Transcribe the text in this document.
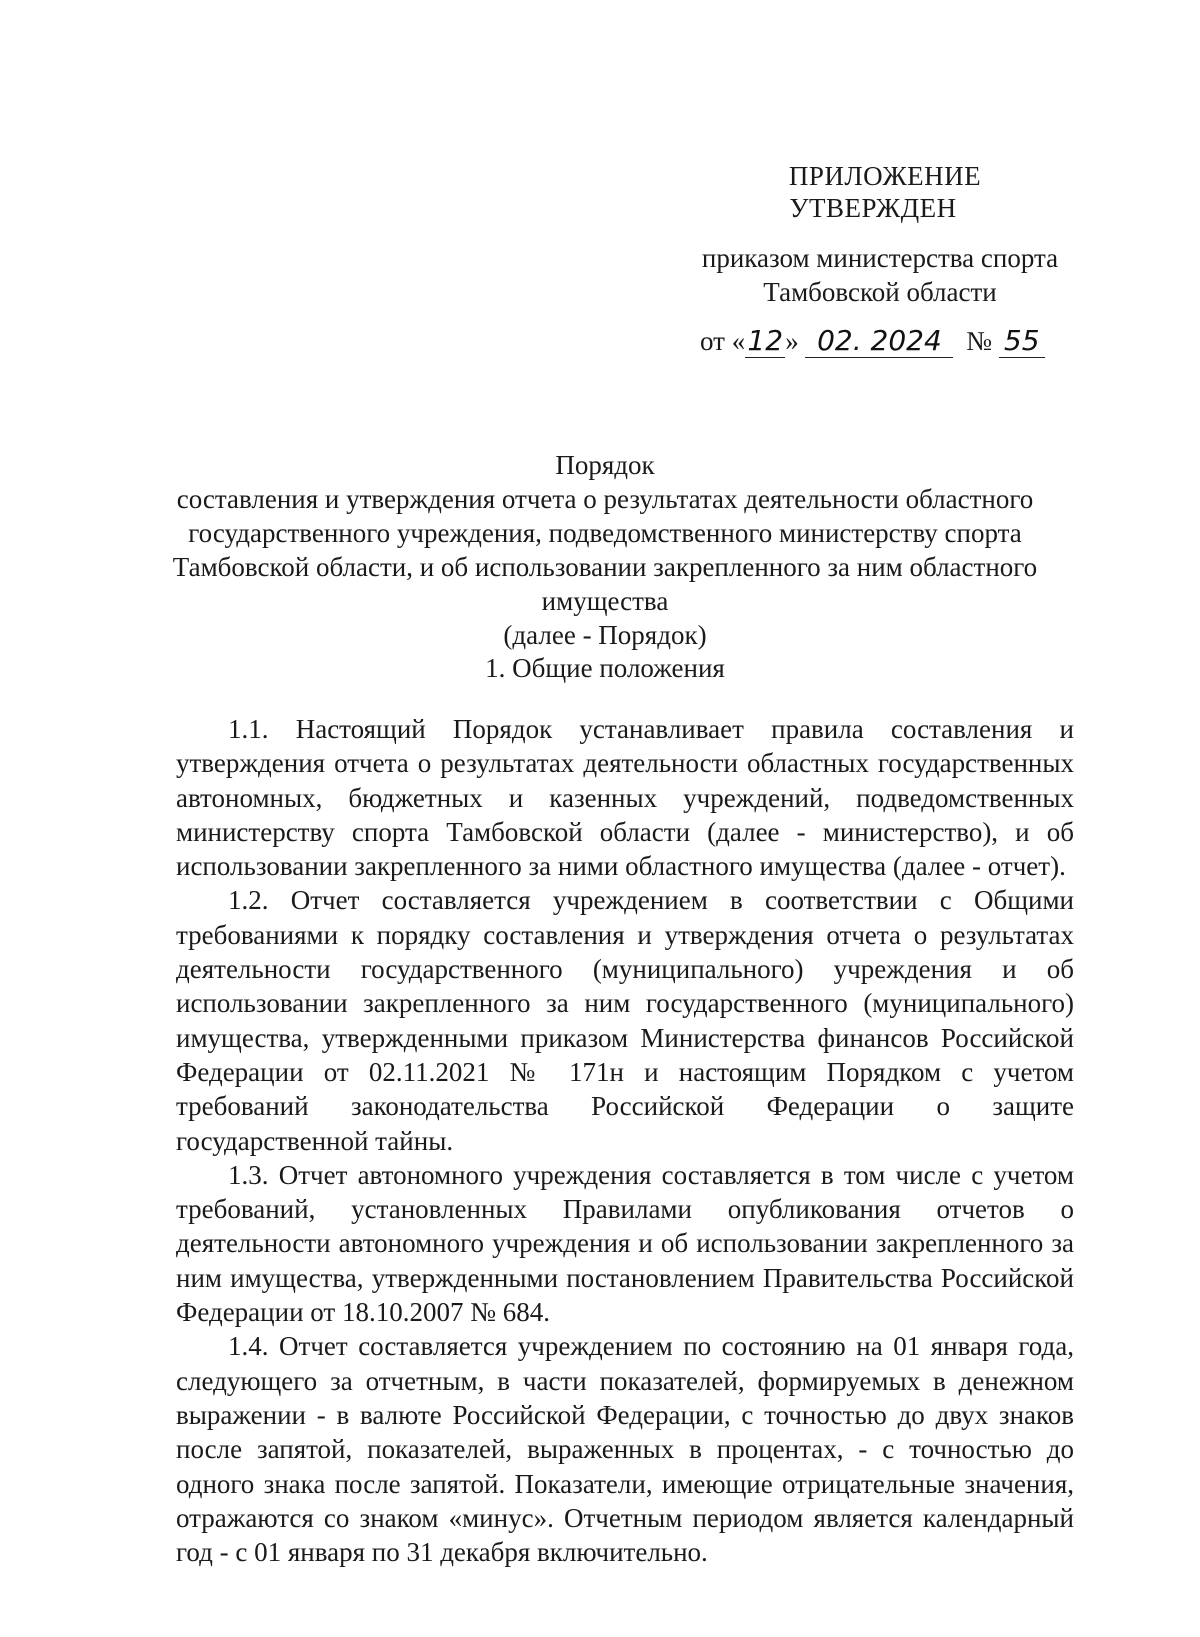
ПРИЛОЖЕНИЕ
УТВЕРЖДЕН
приказом министерства спорта
Тамбовской области
от «12» 02. 2024 № 55
Порядок
составления и утверждения отчета о результатах деятельности областного
государственного учреждения, подведомственного министерству спорта
Тамбовской области, и об использовании закрепленного за ним областного
имущества
(далее - Порядок)
1. Общие положения

1.1. Настоящий Порядок устанавливает правила составления и утверждения отчета о результатах деятельности областных государственных автономных, бюджетных и казенных учреждений, подведомственных министерству спорта Тамбовской области (далее - министерство), и об использовании закрепленного за ними областного имущества (далее - отчет).

1.2. Отчет составляется учреждением в соответствии с Общими требованиями к порядку составления и утверждения отчета о результатах деятельности государственного (муниципального) учреждения и об использовании закрепленного за ним государственного (муниципального) имущества, утвержденными приказом Министерства финансов Российской Федерации от 02.11.2021 № 171н и настоящим Порядком с учетом требований законодательства Российской Федерации о защите государственной тайны.

1.3. Отчет автономного учреждения составляется в том числе с учетом требований, установленных Правилами опубликования отчетов о деятельности автономного учреждения и об использовании закрепленного за ним имущества, утвержденными постановлением Правительства Российской Федерации от 18.10.2007 № 684.

1.4. Отчет составляется учреждением по состоянию на 01 января года, следующего за отчетным, в части показателей, формируемых в денежном выражении - в валюте Российской Федерации, с точностью до двух знаков после запятой, показателей, выраженных в процентах, - с точностью до одного знака после запятой. Показатели, имеющие отрицательные значения, отражаются со знаком «минус». Отчетным периодом является календарный год - с 01 января по 31 декабря включительно.
